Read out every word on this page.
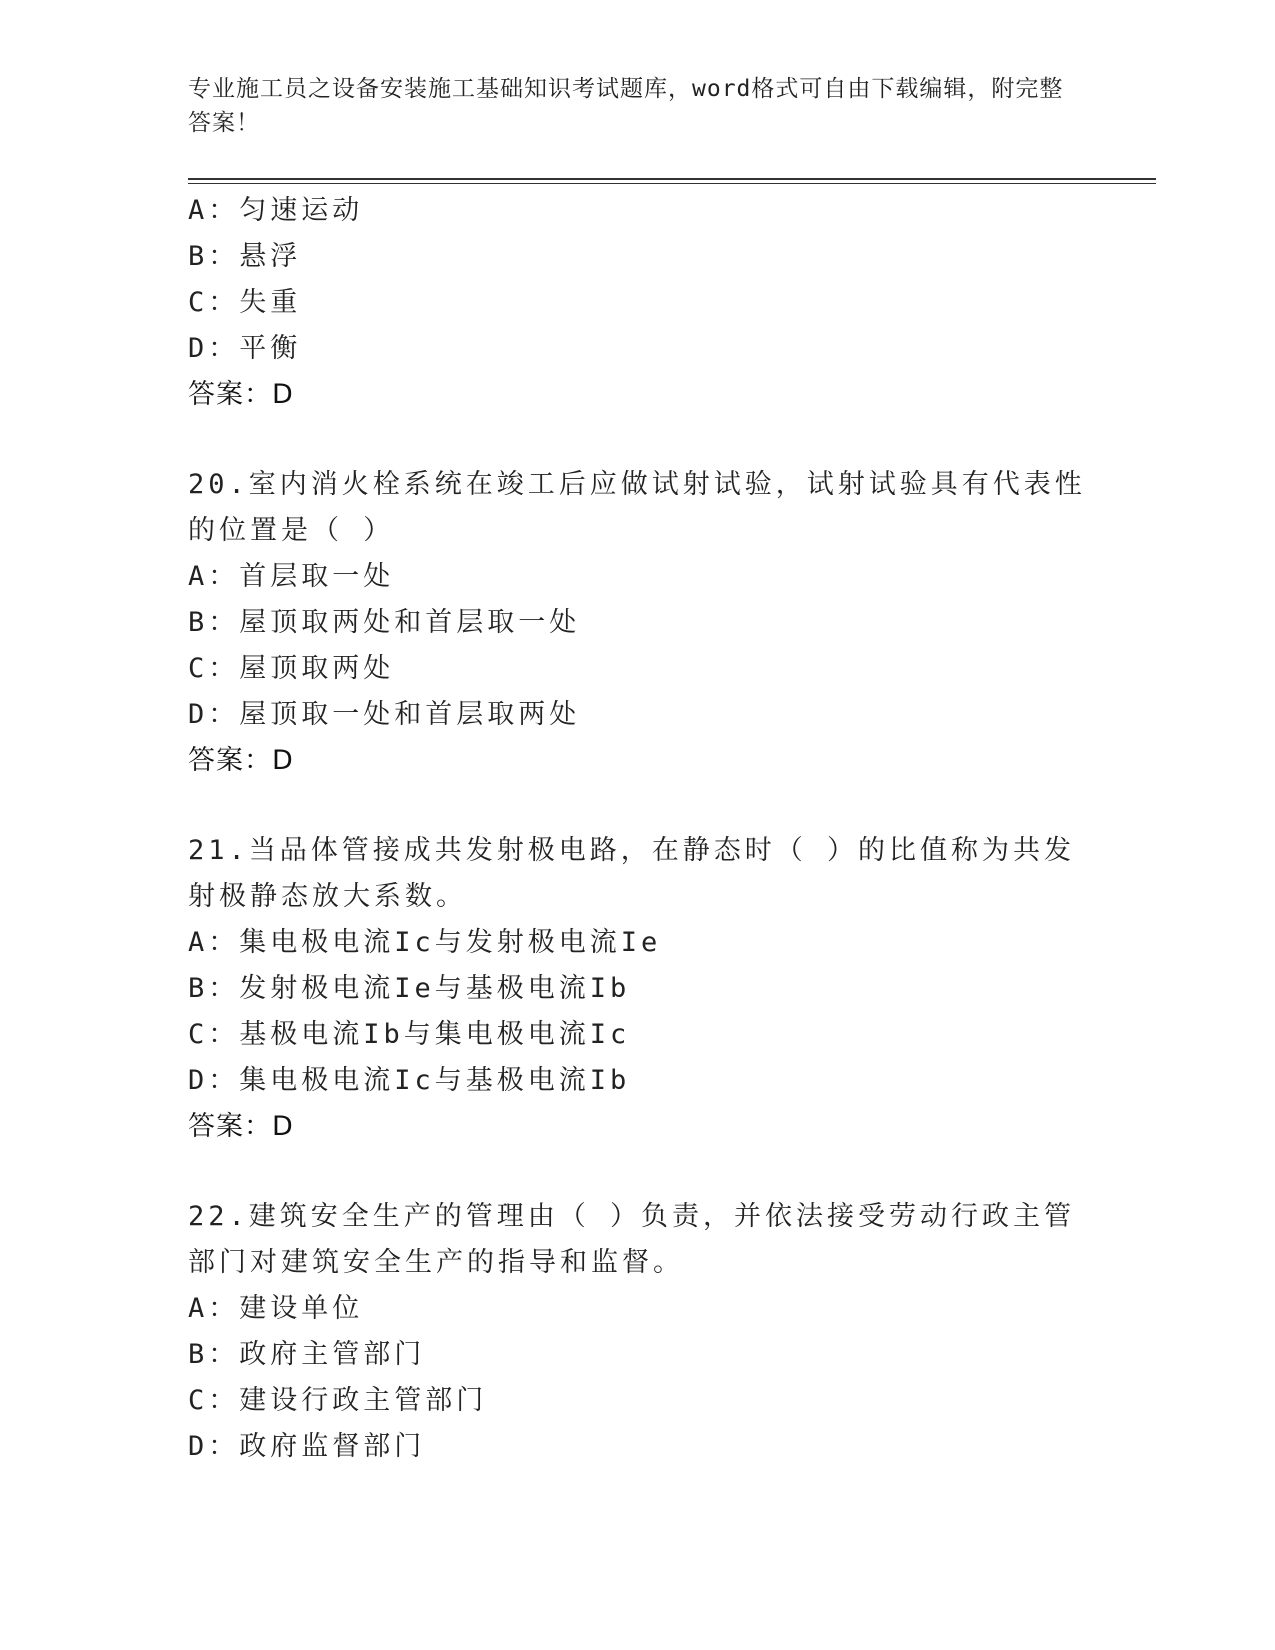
专业施工员之设备安装施工基础知识考试题库，word格式可自由下载编辑，附完整答案！
A：匀速运动
B：悬浮
C：失重
D：平衡
答案：D
20.室内消火栓系统在竣工后应做试射试验，试射试验具有代表性的位置是（ ）
A：首层取一处
B：屋顶取两处和首层取一处
C：屋顶取两处
D：屋顶取一处和首层取两处
答案：D
21.当品体管接成共发射极电路，在静态时（ ）的比值称为共发射极静态放大系数。
A：集电极电流Ic与发射极电流Ie
B：发射极电流Ie与基极电流Ib
C：基极电流Ib与集电极电流Ic
D：集电极电流Ic与基极电流Ib
答案：D
22.建筑安全生产的管理由（ ）负责，并依法接受劳动行政主管部门对建筑安全生产的指导和监督。
A：建设单位
B：政府主管部门
C：建设行政主管部门
D：政府监督部门
